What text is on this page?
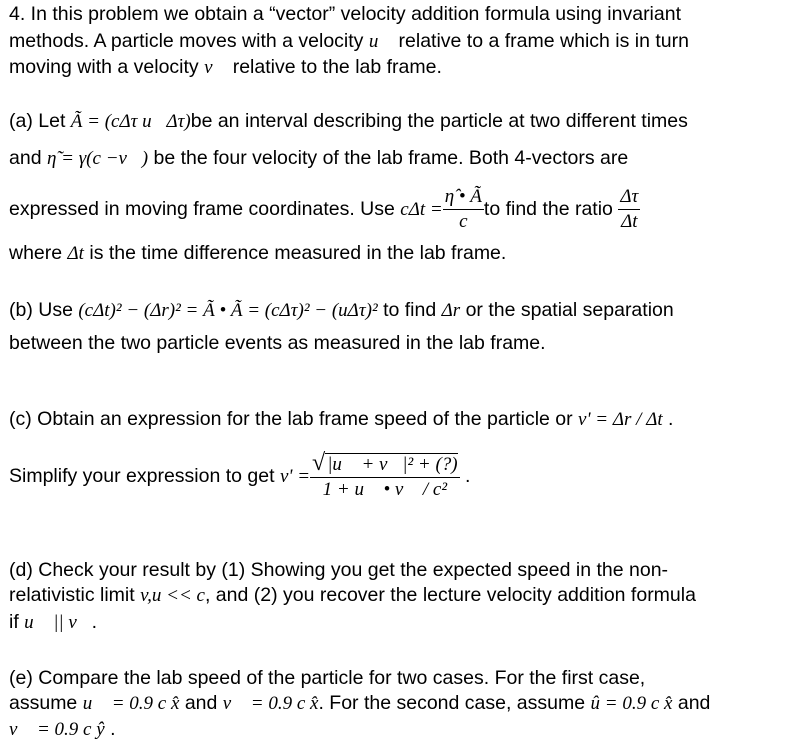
4. In this problem we obtain a “vector” velocity addition formula using invariant
methods. A particle moves with a velocity u⃗ relative to a frame which is in turn
moving with a velocity v⃗ relative to the lab frame.
(a) Let Ã = (cΔτ u⃗Δτ)be an interval describing the particle at two different times
and η̃ = γ(c −v⃗) be the four velocity of the lab frame. Both 4-vectors are
expressed in moving frame coordinates. Use $c\Delta t = \frac{\etâ • Ã}{c}$ to find the ratio $\frac{\Delta\tau}{\Delta t}$
where Δt is the time difference measured in the lab frame.
(b) Use (cΔt)² − (Δr)² = Ã • Ã = (cΔτ)² − (uΔτ)² to find Δr or the spatial separation
between the two particle events as measured in the lab frame.
(c) Obtain an expression for the lab frame speed of the particle or v' = Δr / Δt .
Simplify your expression to get $v' = \frac{\text{√ |u⃗ + v⃗|² + (?)}}{\text{1 + u⃗ • v⃗ / c²}}$ .
(d) Check your result by (1) Showing you get the expected speed in the non-
relativistic limit v,u << c, and (2) you recover the lecture velocity addition formula
if u⃗ || v⃗.
(e) Compare the lab speed of the particle for two cases. For the first case,
assume u⃗ = 0.9 c x̂ and v⃗ = 0.9 c x̂. For the second case, assume û = 0.9 c x̂ and
v⃗ = 0.9 c ŷ .
